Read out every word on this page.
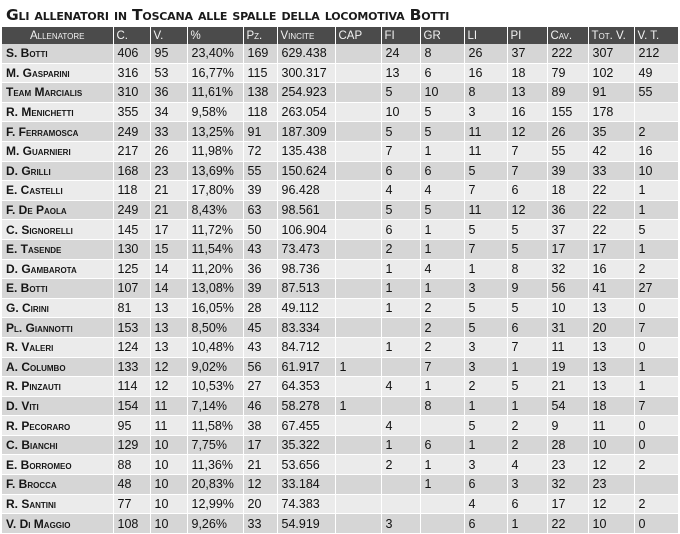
Gli allenatori in Toscana alle spalle della locomotiva Botti
Allenatore	C.	V.	%	Pz.	Vincite	CAP	FI	GR	LI	PI	Cav.	Tot. V.	V. T.
S. Botti	406	95	23,40%	169	629.438		24	8	26	37	222	307	212
M. Gasparini	316	53	16,77%	115	300.317		13	6	16	18	79	102	49
Team Marcialis	310	36	11,61%	138	254.923		5	10	8	13	89	91	55
R. Menichetti	355	34	9,58%	118	263.054		10	5	3	16	155	178	
F. Ferramosca	249	33	13,25%	91	187.309		5	5	11	12	26	35	2
M. Guarnieri	217	26	11,98%	72	135.438		7	1	11	7	55	42	16
D. Grilli	168	23	13,69%	55	150.624		6	6	5	7	39	33	10
E. Castelli	118	21	17,80%	39	96.428		4	4	7	6	18	22	1
F. De Paola	249	21	8,43%	63	98.561		5	5	11	12	36	22	1
C. Signorelli	145	17	11,72%	50	106.904		6	1	5	5	37	22	5
E. Tasende	130	15	11,54%	43	73.473		2	1	7	5	17	17	1
D. Gambarota	125	14	11,20%	36	98.736		1	4	1	8	32	16	2
E. Botti	107	14	13,08%	39	87.513		1	1	3	9	56	41	27
G. Cirini	81	13	16,05%	28	49.112		1	2	5	5	10	13	0
Pl. Giannotti	153	13	8,50%	45	83.334			2	5	6	31	20	7
R. Valeri	124	13	10,48%	43	84.712		1	2	3	7	11	13	0
A. Columbo	133	12	9,02%	56	61.917	1		7	3	1	19	13	1
R. Pinzauti	114	12	10,53%	27	64.353		4	1	2	5	21	13	1
D. Viti	154	11	7,14%	46	58.278	1		8	1	1	54	18	7
R. Pecoraro	95	11	11,58%	38	67.455		4		5	2	9	11	0
C. Bianchi	129	10	7,75%	17	35.322		1	6	1	2	28	10	0
E. Borromeo	88	10	11,36%	21	53.656		2	1	3	4	23	12	2
F. Brocca	48	10	20,83%	12	33.184			1	6	3	32	23	
R. Santini	77	10	12,99%	20	74.383				4	6	17	12	2
V. Di Maggio	108	10	9,26%	33	54.919		3		6	1	22	10	0
